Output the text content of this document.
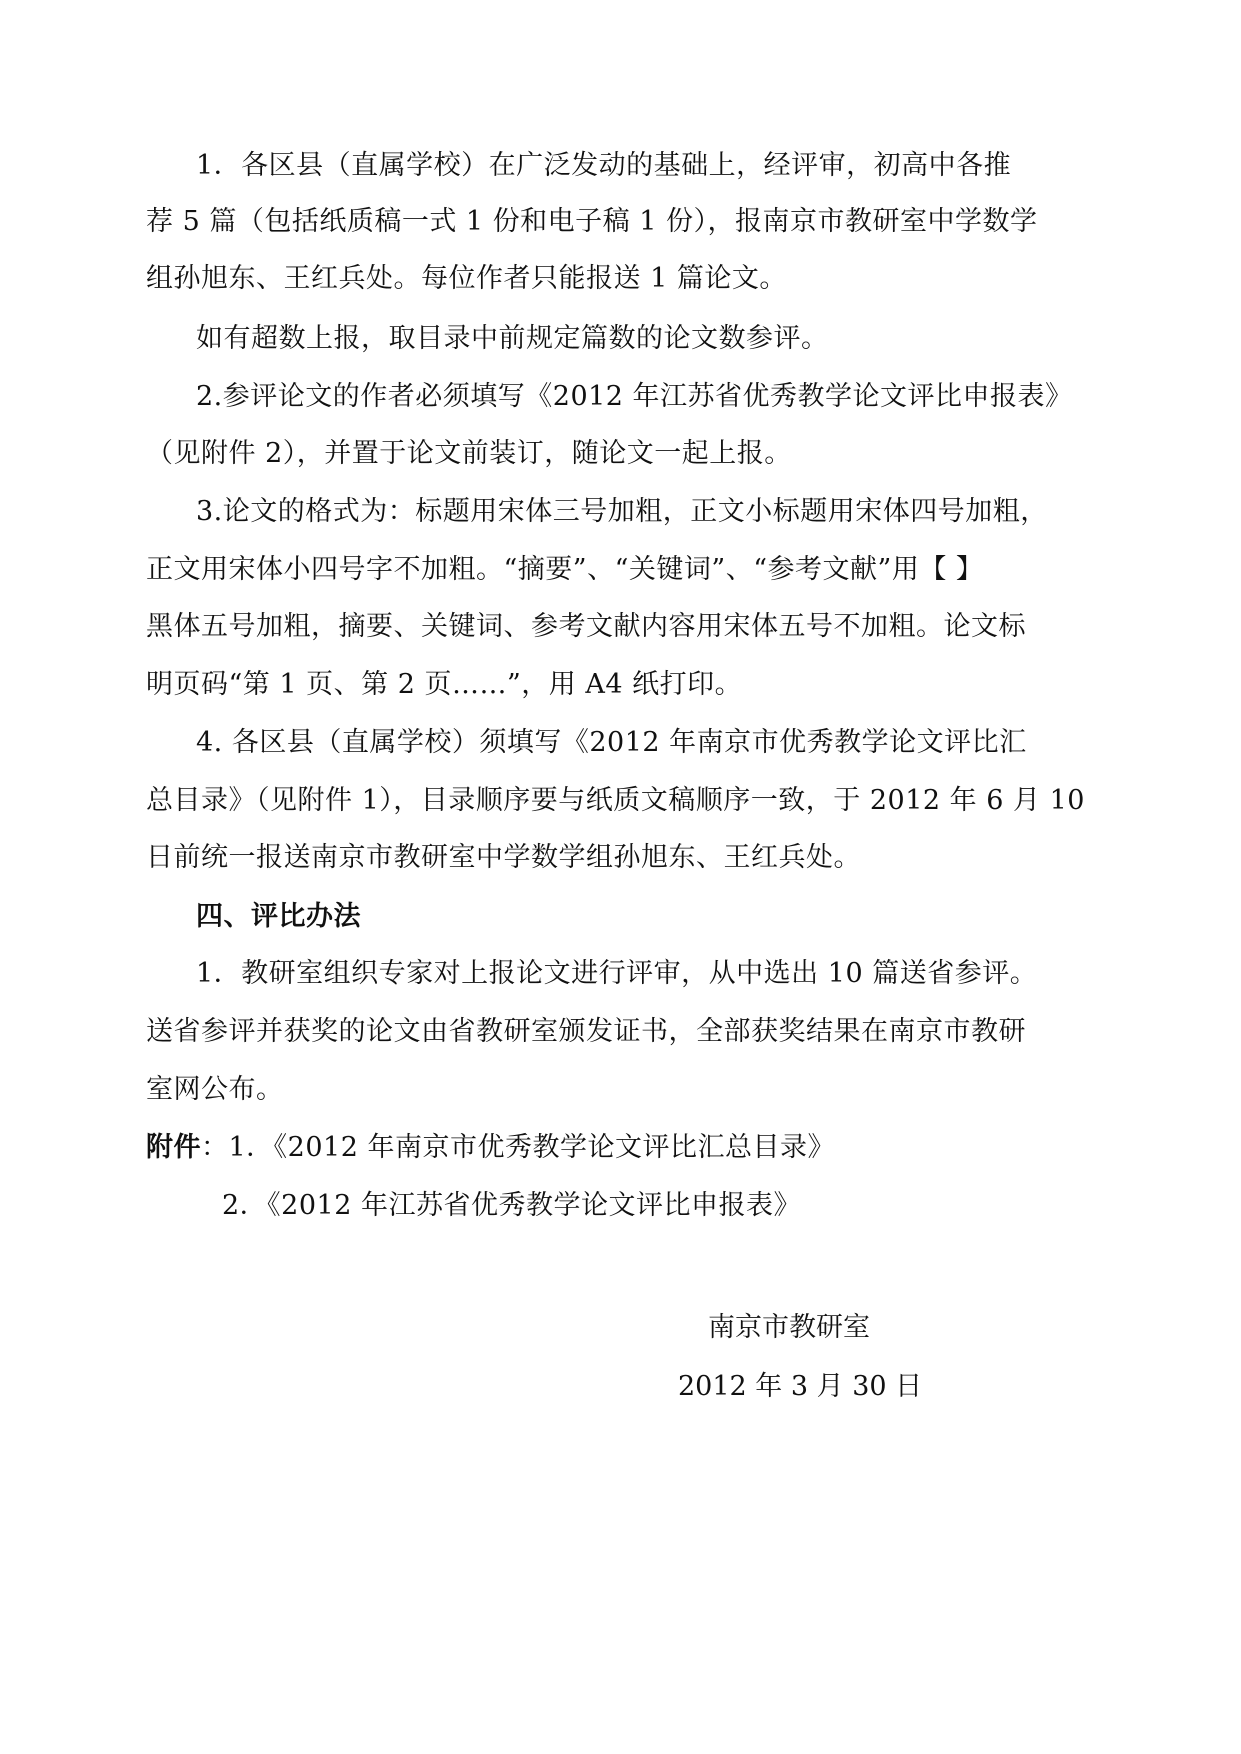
1．各区县（直属学校）在广泛发动的基础上，经评审，初高中各推
荐 5 篇（包括纸质稿一式 1 份和电子稿 1 份），报南京市教研室中学数学
组孙旭东、王红兵处。每位作者只能报送 1 篇论文。
如有超数上报，取目录中前规定篇数的论文数参评。
2.参评论文的作者必须填写《2012 年江苏省优秀教学论文评比申报表》
（见附件 2），并置于论文前装订，随论文一起上报。
3.论文的格式为：标题用宋体三号加粗，正文小标题用宋体四号加粗，
正文用宋体小四号字不加粗。“摘要”、“关键词”、“参考文献”用【 】
黑体五号加粗，摘要、关键词、参考文献内容用宋体五号不加粗。论文标
明页码“第 1 页、第 2 页……”，用 A4 纸打印。
4. 各区县（直属学校）须填写《2012 年南京市优秀教学论文评比汇
总目录》（见附件 1），目录顺序要与纸质文稿顺序一致，于 2012 年 6 月 10
日前统一报送南京市教研室中学数学组孙旭东、王红兵处。
四、评比办法
1．教研室组织专家对上报论文进行评审，从中选出 10 篇送省参评。
送省参评并获奖的论文由省教研室颁发证书，全部获奖结果在南京市教研
室网公布。
附件：1．《2012 年南京市优秀教学论文评比汇总目录》
2．《2012 年江苏省优秀教学论文评比申报表》
南京市教研室
2012 年 3 月 30 日
